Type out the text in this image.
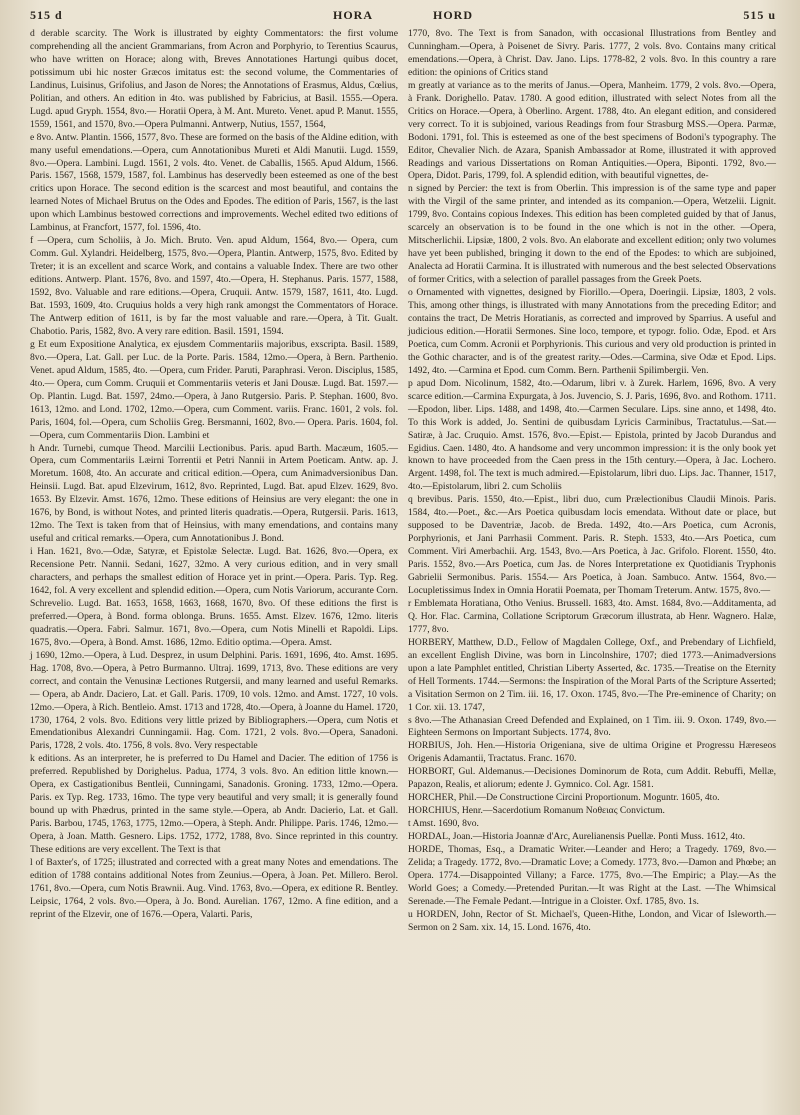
515 d	HORA	HORD	515 u

d derable scarcity. The Work is illustrated by eighty Commentators: the first volume comprehending all the ancient Grammarians, from Acron and Porphyrio, to Terentius Scaurus, who have written on Horace; along with, Breves Annotationes Hartungi quibus docet, potissimum ubi hic noster Græcos imitatus est: the second volume, the Commentaries of Landinus, Luisinus, Grifolius, and Jason de Nores; the Annotations of Erasmus, Aldus, Cœlius, Politian, and others. An edition in 4to. was published by Fabricius, at Basil. 1555.—Opera. Lugd. apud Gryph. 1554, 8vo.— Horatii Opera, à M. Ant. Mureto. Venet. apud P. Manut. 1555, 1559, 1561, and 1570, 8vo.—Opera Pulmanni. Antwerp, Nutius, 1557, 1564,

e 8vo. Antw. Plantin. 1566, 1577, 8vo. These are formed on the basis of the Aldine edition, with many useful emendations.—Opera, cum Annotationibus Mureti et Aldi Manutii. Lugd. 1559, 8vo.—Opera. Lambini. Lugd. 1561, 2 vols. 4to. Venet. de Caballis, 1565. Apud Aldum, 1566. Paris. 1567, 1568, 1579, 1587, fol. Lambinus has deservedly been esteemed as one of the best critics upon Horace. The second edition is the scarcest and most beautiful, and contains the learned Notes of Michael Brutus on the Odes and Epodes. The edition of Paris, 1567, is the last upon which Lambinus bestowed corrections and improvements. Wechel edited two editions of Lambinus, at Francfort, 1577, fol. 1596, 4to.

f —Opera, cum Scholiis, à Jo. Mich. Bruto. Ven. apud Aldum, 1564, 8vo.— Opera, cum Comm. Gul. Xylandri. Heidelberg, 1575, 8vo.—Opera, Plantin. Antwerp, 1575, 8vo. Edited by Treter; it is an excellent and scarce Work, and contains a valuable Index. There are two other editions. Antwerp. Plant. 1576, 8vo. and 1597, 4to.—Opera, H. Stephanus. Paris. 1577, 1588, 1592, 8vo. Valuable and rare editions.—Opera, Cruquii. Antw. 1579, 1587, 1611, 4to. Lugd. Bat. 1593, 1609, 4to. Cruquius holds a very high rank amongst the Commentators of Horace. The Antwerp edition of 1611, is by far the most valuable and rare.—Opera, à Tit. Gualt. Chabotio. Paris, 1582, 8vo. A very rare edition. Basil. 1591, 1594.

g Et eum Expositione Analytica, ex ejusdem Commentariis majoribus, exscripta. Basil. 1589, 8vo.—Opera, Lat. Gall. per Luc. de la Porte. Paris. 1584, 12mo.—Opera, à Bern. Parthenio. Venet. apud Aldum, 1585, 4to. —Opera, cum Frider. Paruti, Paraphrasi. Veron. Disciplus, 1585, 4to.— Opera, cum Comm. Cruquii et Commentariis veteris et Jani Dousæ. Lugd. Bat. 1597.—Op. Plantin. Lugd. Bat. 1597, 24mo.—Opera, à Jano Rutgersio. Paris. P. Stephan. 1600, 8vo. 1613, 12mo. and Lond. 1702, 12mo.—Opera, cum Comment. variis. Franc. 1601, 2 vols. fol. Paris, 1604, fol.—Opera, cum Scholiis Greg. Bersmanni, 1602, 8vo.— Opera. Paris. 1604, fol.—Opera, cum Commentariis Dion. Lambini et

h Andr. Turnebi, cumque Theod. Marcilii Lectionibus. Paris. apud Barth. Macæum, 1605.—Opera, cum Commentariis Læirni Torrentii et Petri Nannii in Artem Poeticam. Antw. ap. J. Moretum. 1608, 4to. An accurate and critical edition.—Opera, cum Animadversionibus Dan. Heinsii. Lugd. Bat. apud Elzevirum, 1612, 8vo. Reprinted, Lugd. Bat. apud Elzev. 1629, 8vo. 1653. By Elzevir. Amst. 1676, 12mo. These editions of Heinsius are very elegant: the one in 1676, by Bond, is without Notes, and printed literis quadratis.—Opera, Rutgersii. Paris. 1613, 12mo. The Text is taken from that of Heinsius, with many emendations, and contains many useful and critical remarks.—Opera, cum Annotationibus J. Bond.

i Han. 1621, 8vo.—Odæ, Satyræ, et Epistolæ Selectæ. Lugd. Bat. 1626, 8vo.—Opera, ex Recensione Petr. Nannii. Sedani, 1627, 32mo. A very curious edition, and in very small characters, and perhaps the smallest edition of Horace yet in print.—Opera. Paris. Typ. Reg. 1642, fol. A very excellent and splendid edition.—Opera, cum Notis Variorum, accurante Corn. Schrevelio. Lugd. Bat. 1653, 1658, 1663, 1668, 1670, 8vo. Of these editions the first is preferred.—Opera, à Bond. forma oblonga. Bruns. 1655. Amst. Elzev. 1676, 12mo. literis quadratis.—Opera. Fabri. Salmur. 1671, 8vo.—Opera, cum Notis Minelli et Rapoldi. Lips. 1675, 8vo.—Opera, à Bond. Amst. 1686, 12mo. Editio optima.—Opera. Amst.

j 1690, 12mo.—Opera, à Lud. Desprez, in usum Delphini. Paris. 1691, 1696, 4to. Amst. 1695. Hag. 1708, 8vo.—Opera, à Petro Burmanno. Ultraj. 1699, 1713, 8vo. These editions are very correct, and contain the Venusinæ Lectiones Rutgersii, and many learned and useful Remarks.— Opera, ab Andr. Daciero, Lat. et Gall. Paris. 1709, 10 vols. 12mo. and Amst. 1727, 10 vols. 12mo.—Opera, à Rich. Bentleio. Amst. 1713 and 1728, 4to.—Opera, à Joanne du Hamel. 1720, 1730, 1764, 2 vols. 8vo. Editions very little prized by Bibliographers.—Opera, cum Notis et Emendationibus Alexandri Cunningamii. Hag. Com. 1721, 2 vols. 8vo.—Opera, Sanadoni. Paris, 1728, 2 vols. 4to. 1756, 8 vols. 8vo. Very respectable

k editions. As an interpreter, he is preferred to Du Hamel and Dacier. The edition of 1756 is preferred. Republished by Dorighelus. Padua, 1774, 3 vols. 8vo. An edition little known.—Opera, ex Castigationibus Bentleii, Cunningami, Sanadonis. Groning. 1733, 12mo.—Opera. Paris. ex Typ. Reg. 1733, 16mo. The type very beautiful and very small; it is generally found bound up with Phædrus, printed in the same style.—Opera, ab Andr. Dacierio, Lat. et Gall. Paris. Barbou, 1745, 1763, 1775, 12mo.—Opera, à Steph. Andr. Philippe. Paris. 1746, 12mo.—Opera, à Joan. Matth. Gesnero. Lips. 1752, 1772, 1788, 8vo. Since reprinted in this country. These editions are very excellent. The Text is that

l of Baxter's, of 1725; illustrated and corrected with a great many Notes and emendations. The edition of 1788 contains additional Notes from Zeunius.—Opera, à Joan. Pet. Millero. Berol. 1761, 8vo.—Opera, cum Notis Brawnii. Aug. Vind. 1763, 8vo.—Opera, ex editione R. Bentley. Leipsic, 1764, 2 vols. 8vo.—Opera, à Jo. Bond. Aurelian. 1767, 12mo. A fine edition, and a reprint of the Elzevir, one of 1676.—Opera, Valarti. Paris,

1770, 8vo. The Text is from Sanadon, with occasional Illustrations from Bentley and Cunningham.—Opera, à Poisenet de Sivry. Paris. 1777, 2 vols. 8vo. Contains many critical emendations.—Opera, à Christ. Dav. Jano. Lips. 1778-82, 2 vols. 8vo. In this country a rare edition: the opinions of Critics stand

m greatly at variance as to the merits of Janus.—Opera, Manheim. 1779, 2 vols. 8vo.—Opera, à Frank. Dorighello. Patav. 1780. A good edition, illustrated with select Notes from all the Critics on Horace.—Opera, à Oberlino. Argent. 1788, 4to. An elegant edition, and considered very correct. To it is subjoined, various Readings from four Strasburg MSS.—Opera. Parmæ, Bodoni. 1791, fol. This is esteemed as one of the best specimens of Bodoni's typography. The Editor, Chevalier Nich. de Azara, Spanish Ambassador at Rome, illustrated it with approved Readings and various Dissertations on Roman Antiquities.—Opera, Biponti. 1792, 8vo.—Opera, Didot. Paris, 1799, fol. A splendid edition, with beautiful vignettes, de-

n signed by Percier: the text is from Oberlin. This impression is of the same type and paper with the Virgil of the same printer, and intended as its companion.—Opera, Wetzelii. Lignit. 1799, 8vo. Contains copious Indexes. This edition has been completed guided by that of Janus, scarcely an observation is to be found in the one which is not in the other. —Opera, Mitscherlichii. Lipsiæ, 1800, 2 vols. 8vo. An elaborate and excellent edition; only two volumes have yet been published, bringing it down to the end of the Epodes: to which are subjoined, Analecta ad Horatii Carmina. It is illustrated with numerous and the best selected Observations of former Critics, with a selection of parallel passages from the Greek Poets.

o Ornamented with vignettes, designed by Fiorillo.—Opera, Doeringii. Lipsiæ, 1803, 2 vols. This, among other things, is illustrated with many Annotations from the preceding Editor; and contains the tract, De Metris Horatianis, as corrected and improved by Sparrius. A useful and judicious edition.—Horatii Sermones. Sine loco, tempore, et typogr. folio. Odæ, Epod. et Ars Poetica, cum Comm. Acronii et Porphyrionis. This curious and very old production is printed in the Gothic character, and is of the greatest rarity.—Odes.—Carmina, sive Odæ et Epod. Lips. 1492, 4to. —Carmina et Epod. cum Comm. Bern. Parthenii Spilimbergii. Ven.

p apud Dom. Nicolinum, 1582, 4to.—Odarum, libri v. à Zurek. Harlem, 1696, 8vo. A very scarce edition.—Carmina Expurgata, à Jos. Juvencio, S. J. Paris, 1696, 8vo. and Rothom. 1711.—Epodon, liber. Lips. 1488, and 1498, 4to.—Carmen Seculare. Lips. sine anno, et 1498, 4to. To this Work is added, Jo. Sentini de quibusdam Lyricis Carminibus, Tractatulus.—Sat.—Satiræ, à Jac. Cruquio. Amst. 1576, 8vo.—Epist.— Epistola, printed by Jacob Durandus and Egidius. Caen. 1480, 4to. A handsome and very uncommon impression: it is the only book yet known to have proceeded from the Caen press in the 15th century.—Opera, à Jac. Lochero. Argent. 1498, fol. The text is much admired.—Epistolarum, libri duo. Lips. Jac. Thanner, 1517, 4to.—Epistolarum, libri 2. cum Scholiis

q brevibus. Paris. 1550, 4to.—Epist., libri duo, cum Prælectionibus Claudii Minois. Paris. 1584, 4to.—Poet., &c.—Ars Poetica quibusdam locis emendata. Without date or place, but supposed to be Daventriæ, Jacob. de Breda. 1492, 4to.—Ars Poetica, cum Acronis, Porphyrionis, et Jani Parrhasii Comment. Paris. R. Steph. 1533, 4to.—Ars Poetica, cum Comment. Viri Amerbachii. Arg. 1543, 8vo.—Ars Poetica, à Jac. Grifolo. Florent. 1550, 4to. Paris. 1552, 8vo.—Ars Poetica, cum Jas. de Nores Interpretatione ex Quotidianis Tryphonis Gabrielii Sermonibus. Paris. 1554.— Ars Poetica, à Joan. Sambuco. Antw. 1564, 8vo.—Locupletissimus Index in Omnia Horatii Poemata, per Thomam Treterum. Antw. 1575, 8vo.—

r Emblemata Horatiana, Otho Venius. Brussell. 1683, 4to. Amst. 1684, 8vo.—Additamenta, ad Q. Hor. Flac. Carmina, Collatione Scriptorum Græcorum illustrata, ab Henr. Wagnero. Halæ, 1777, 8vo.
HORBERY, Matthew, D.D., Fellow of Magdalen College, Oxf., and Prebendary of Lichfield, an excellent English Divine, was born in Lincolnshire, 1707; died 1773.—Animadversions upon a late Pamphlet entitled, Christian Liberty Asserted, &c. 1735.—Treatise on the Eternity of Hell Torments. 1744.—Sermons: the Inspiration of the Moral Parts of the Scripture Asserted; a Visitation Sermon on 2 Tim. iii. 16, 17. Oxon. 1745, 8vo.—The Pre-eminence of Charity; on 1 Cor. xii. 13. 1747,

s 8vo.—The Athanasian Creed Defended and Explained, on 1 Tim. iii. 9. Oxon. 1749, 8vo.—Eighteen Sermons on Important Subjects. 1774, 8vo.
HORBIUS, Joh. Hen.—Historia Origeniana, sive de ultima Origine et Progressu Hæreseos Origenis Adamantii, Tractatus. Franc. 1670.
HORBORT, Gul. Aldemanus.—Decisiones Dominorum de Rota, cum Addit. Rebuffi, Mellæ, Papazon, Realis, et aliorum; edente J. Gymnico. Col. Agr. 1581.
HORCHER, Phil.—De Constructione Circini Proportionum. Moguntr. 1605, 4to.
HORCHIUS, Henr.—Sacerdotium Romanum Noθειας Convictum.

t Amst. 1690, 8vo.
HORDAL, Joan.—Historia Joannæ d'Arc, Aurelianensis Puellæ. Ponti Muss. 1612, 4to.
HORDE, Thomas, Esq., a Dramatic Writer.—Leander and Hero; a Tragedy. 1769, 8vo.—Zelida; a Tragedy. 1772, 8vo.—Dramatic Love; a Comedy. 1773, 8vo.—Damon and Phœbe; an Opera. 1774.—Disappointed Villany; a Farce. 1775, 8vo.—The Empiric; a Play.—As the World Goes; a Comedy.—Pretended Puritan.—It was Right at the Last. —The Whimsical Serenade.—The Female Pedant.—Intrigue in a Cloister. Oxf. 1785, 8vo. 1s.

u HORDEN, John, Rector of St. Michael's, Queen-Hithe, London, and Vicar of Isleworth.—Sermon on 2 Sam. xix. 14, 15. Lond. 1676, 4to.
